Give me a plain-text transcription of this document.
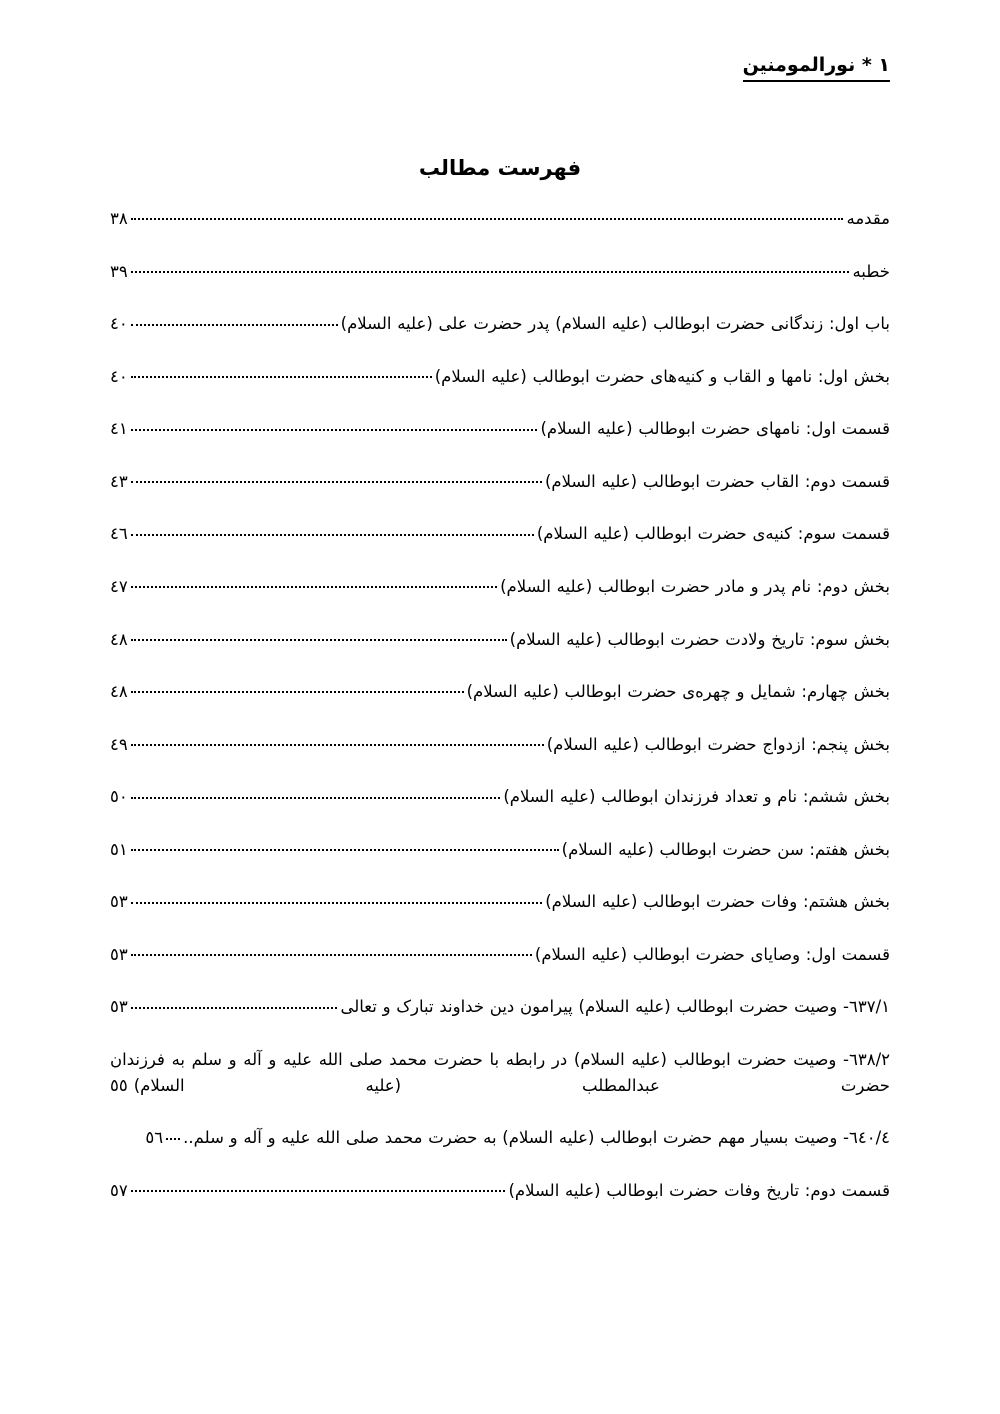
١ * نورالمومنین
فهرست مطالب
مقدمه
۳۸
خطبه
۳۹
باب اول: زندگانی حضرت ابوطالب (علیه السلام) پدر حضرت علی (علیه السلام)
٤٠
بخش اول: نامها و القاب و کنیه‌های حضرت ابوطالب (علیه السلام)
٤٠
قسمت اول: نامهای حضرت ابوطالب (علیه السلام)
٤١
قسمت دوم: القاب حضرت ابوطالب (علیه السلام)
٤٣
قسمت سوم: کنیه‌ی حضرت ابوطالب (علیه السلام)
٤٦
بخش دوم: نام پدر و مادر حضرت ابوطالب (علیه السلام)
٤٧
بخش سوم: تاریخ ولادت حضرت ابوطالب (علیه السلام)
٤٨
بخش چهارم: شمایل و چهره‌ی حضرت ابوطالب (علیه السلام)
٤٨
بخش پنجم: ازدواج حضرت ابوطالب (علیه السلام)
٤٩
بخش ششم: نام و تعداد فرزندان ابوطالب (علیه السلام)
٥٠
بخش هفتم: سن حضرت ابوطالب (علیه السلام)
٥١
بخش هشتم: وفات حضرت ابوطالب (علیه السلام)
٥٣
قسمت اول: وصایای حضرت ابوطالب (علیه السلام)
٥٣
٦٣٧/١- وصیت حضرت ابوطالب (علیه السلام) پیرامون دین خداوند تبارک و تعالی
٥٣
٦٣٨/٢- وصیت حضرت ابوطالب (علیه السلام) در رابطه با حضرت محمد صلی الله علیه و آله و سلم به فرزندان حضرت عبدالمطلب (علیه السلام)٥٥
٦٤٠/٤- وصیت بسیار مهم حضرت ابوطالب (علیه السلام) به حضرت محمد صلی الله علیه و آله و سلم..
٥٦
قسمت دوم: تاریخ وفات حضرت ابوطالب (علیه السلام)
٥٧
